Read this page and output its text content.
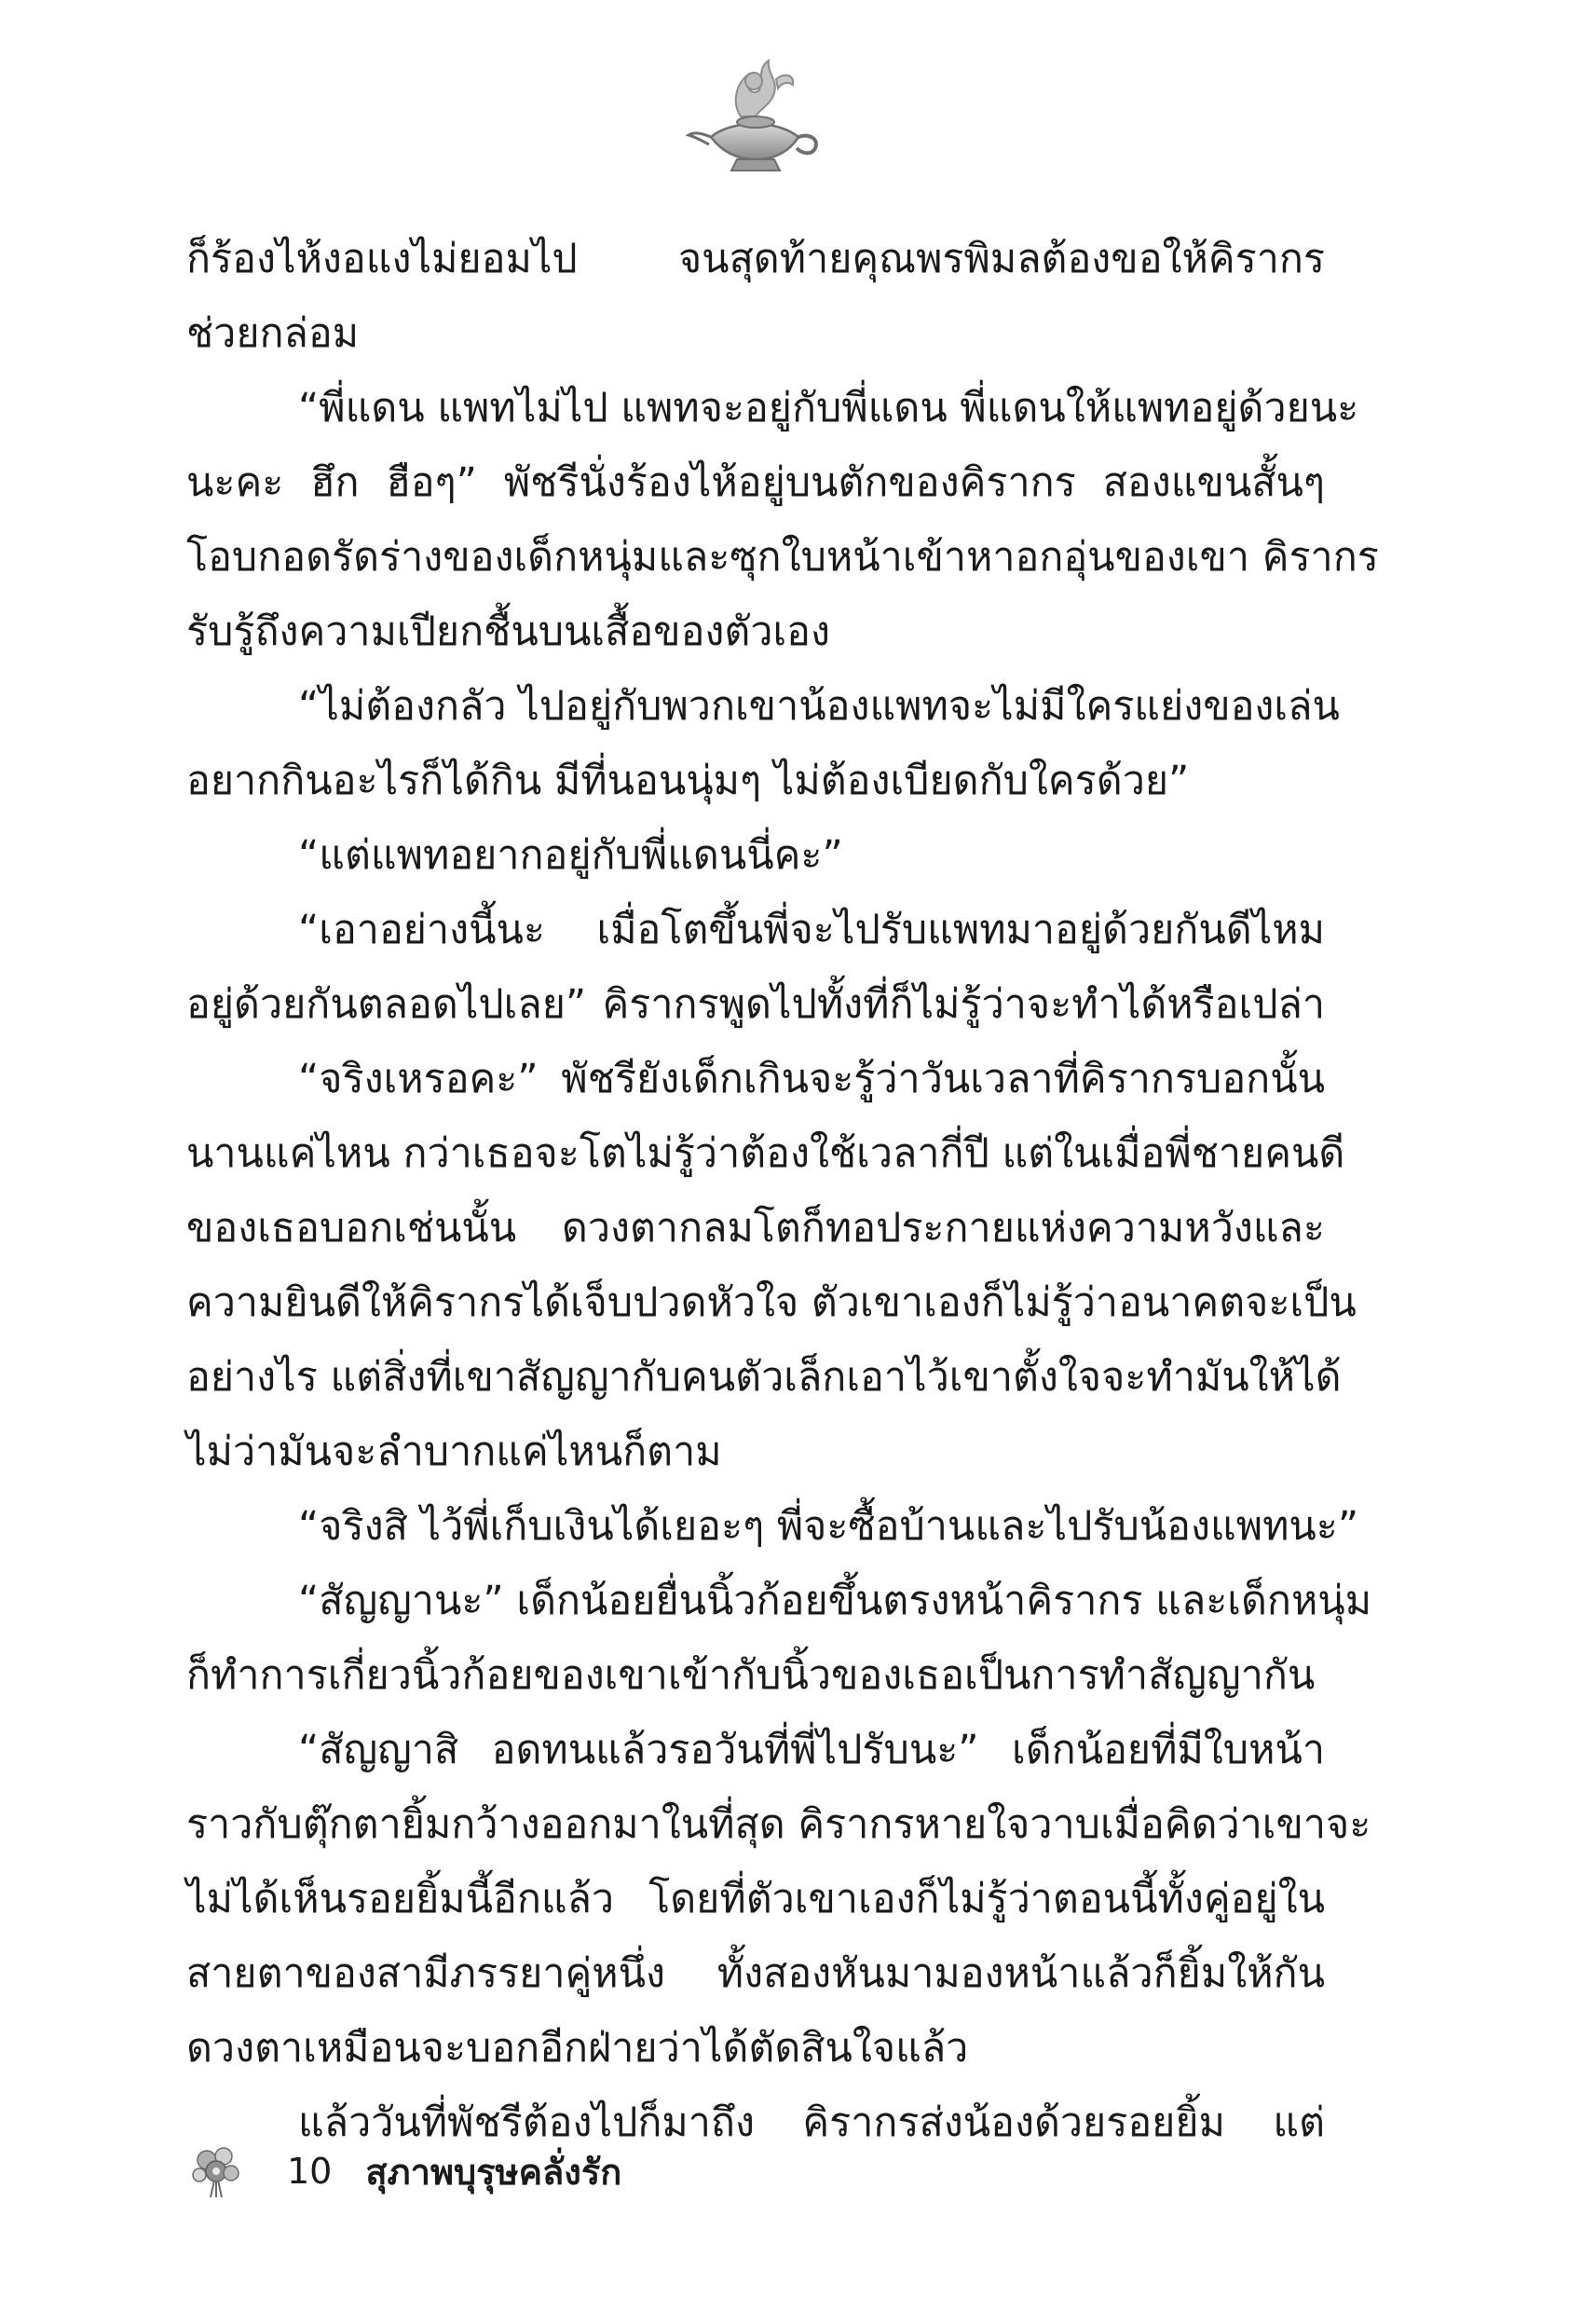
ก็ร้องไห้งอแงไม่ยอมไป จนสุดท้ายคุณพรพิมลต้องขอให้คิรากร
ช่วยกล่อม
“พี่แดน แพทไม่ไป แพทจะอยู่กับพี่แดน พี่แดนให้แพทอยู่ด้วยนะ
นะคะ ฮึก ฮือๆ” พัชรีนั่งร้องไห้อยู่บนตักของคิรากร สองแขนสั้นๆ
โอบกอดรัดร่างของเด็กหนุ่มและซุกใบหน้าเข้าหาอกอุ่นของเขา คิรากร
รับรู้ถึงความเปียกชื้นบนเสื้อของตัวเอง
“ไม่ต้องกลัว ไปอยู่กับพวกเขาน้องแพทจะไม่มีใครแย่งของเล่น
อยากกินอะไรก็ได้กิน มีที่นอนนุ่มๆ ไม่ต้องเบียดกับใครด้วย”
“แต่แพทอยากอยู่กับพี่แดนนี่คะ”
“เอาอย่างนี้นะ เมื่อโตขึ้นพี่จะไปรับแพทมาอยู่ด้วยกันดีไหม
อยู่ด้วยกันตลอดไปเลย” คิรากรพูดไปทั้งที่ก็ไม่รู้ว่าจะทำได้หรือเปล่า
“จริงเหรอคะ” พัชรียังเด็กเกินจะรู้ว่าวันเวลาที่คิรากรบอกนั้น
นานแค่ไหน กว่าเธอจะโตไม่รู้ว่าต้องใช้เวลากี่ปี แต่ในเมื่อพี่ชายคนดี
ของเธอบอกเช่นนั้น ดวงตากลมโตก็ทอประกายแห่งความหวังและ
ความยินดีให้คิรากรได้เจ็บปวดหัวใจ ตัวเขาเองก็ไม่รู้ว่าอนาคตจะเป็น
อย่างไร แต่สิ่งที่เขาสัญญากับคนตัวเล็กเอาไว้เขาตั้งใจจะทำมันให้ได้
ไม่ว่ามันจะลำบากแค่ไหนก็ตาม
“จริงสิ ไว้พี่เก็บเงินได้เยอะๆ พี่จะซื้อบ้านและไปรับน้องแพทนะ”
“สัญญานะ” เด็กน้อยยื่นนิ้วก้อยขึ้นตรงหน้าคิรากร และเด็กหนุ่ม
ก็ทำการเกี่ยวนิ้วก้อยของเขาเข้ากับนิ้วของเธอเป็นการทำสัญญากัน
“สัญญาสิ อดทนแล้วรอวันที่พี่ไปรับนะ” เด็กน้อยที่มีใบหน้า
ราวกับตุ๊กตายิ้มกว้างออกมาในที่สุด คิรากรหายใจวาบเมื่อคิดว่าเขาจะ
ไม่ได้เห็นรอยยิ้มนี้อีกแล้ว โดยที่ตัวเขาเองก็ไม่รู้ว่าตอนนี้ทั้งคู่อยู่ใน
สายตาของสามีภรรยาคู่หนึ่ง ทั้งสองหันมามองหน้าแล้วก็ยิ้มให้กัน
ดวงตาเหมือนจะบอกอีกฝ่ายว่าได้ตัดสินใจแล้ว
แล้ววันที่พัชรีต้องไปก็มาถึง คิรากรส่งน้องด้วยรอยยิ้ม แต่
10 สุภาพบุรุษคลั่งรัก
